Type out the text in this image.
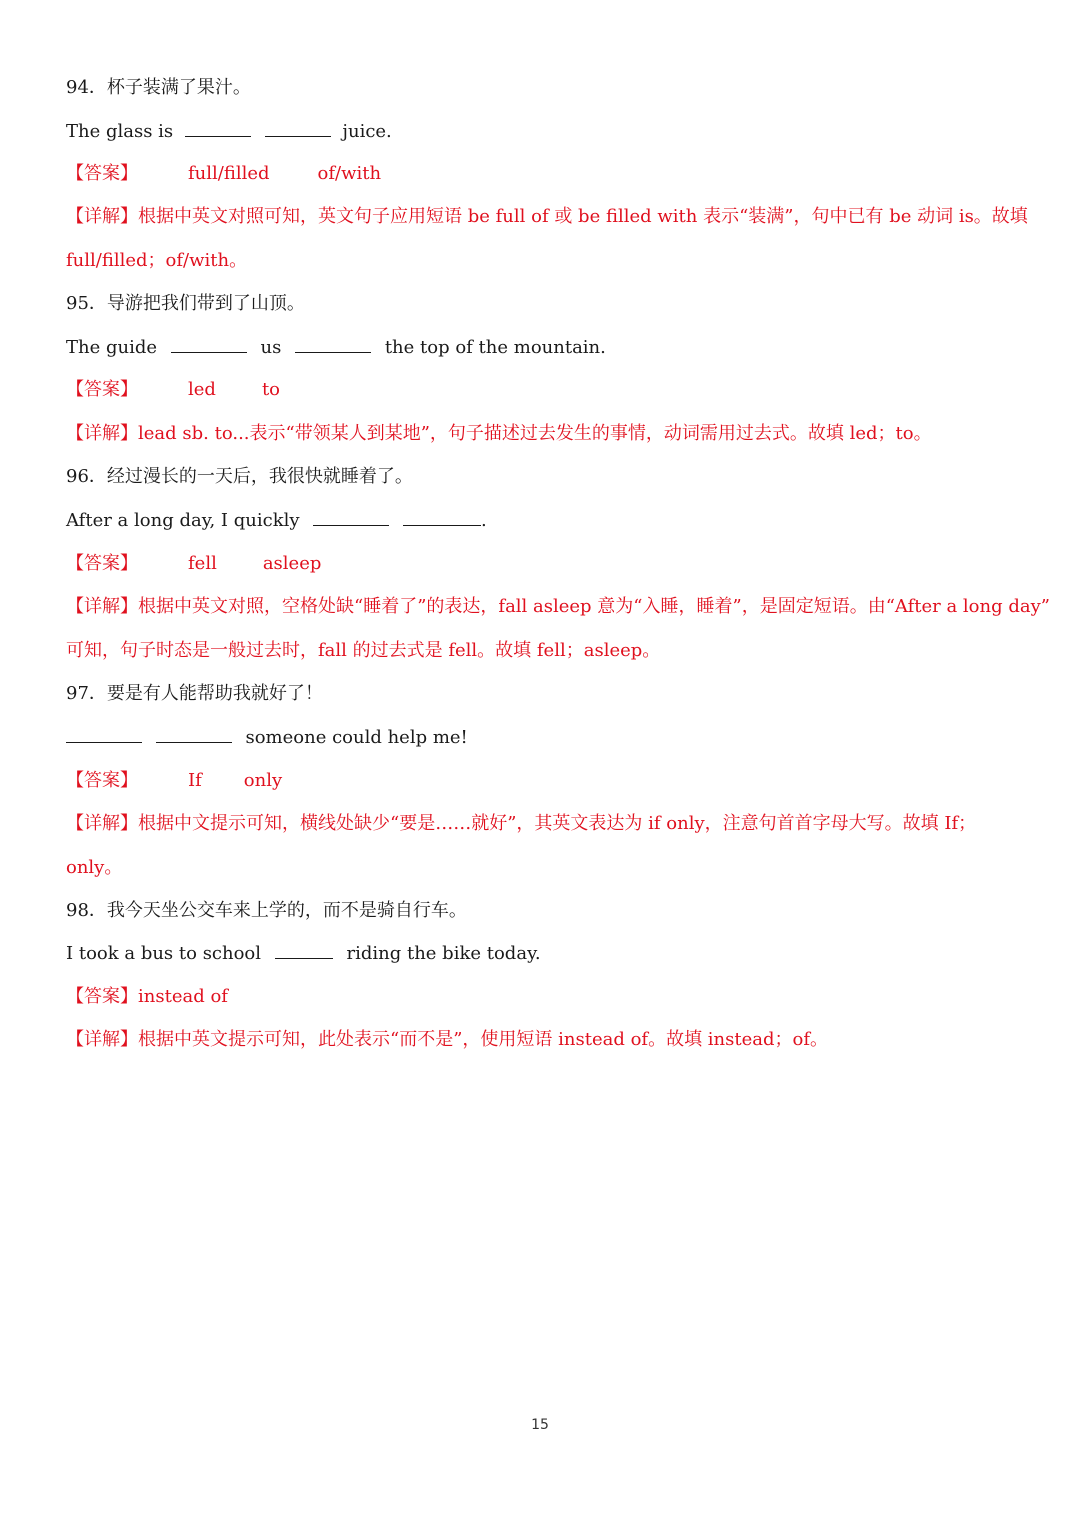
94．杯子装满了果汁。
The glass is	juice.
【答案】	full/filled	of/with
【详解】根据中英文对照可知，英文句子应用短语 be full of 或 be filled with 表示“装满”，句中已有 be 动词 is。故填
full/filled；of/with。
95．导游把我们带到了山顶。
The guide	us	the top of the mountain.
【答案】	led	to
【详解】lead sb. to...表示“带领某人到某地”，句子描述过去发生的事情，动词需用过去式。故填 led；to。
96．经过漫长的一天后，我很快就睡着了。
After a long day, I quickly	.
【答案】	fell	asleep
【详解】根据中英文对照，空格处缺“睡着了”的表达，fall asleep 意为“入睡，睡着”，是固定短语。由“After a long day”
可知，句子时态是一般过去时，fall 的过去式是 fell。故填 fell；asleep。
97．要是有人能帮助我就好了！
someone could help me!
【答案】	If only
【详解】根据中文提示可知，横线处缺少“要是……就好”，其英文表达为 if only，注意句首首字母大写。故填 If；
only。
98．我今天坐公交车来上学的，而不是骑自行车。
I took a bus to school	riding the bike today.
【答案】instead of
【详解】根据中英文提示可知，此处表示“而不是”，使用短语 instead of。故填 instead；of。
15
